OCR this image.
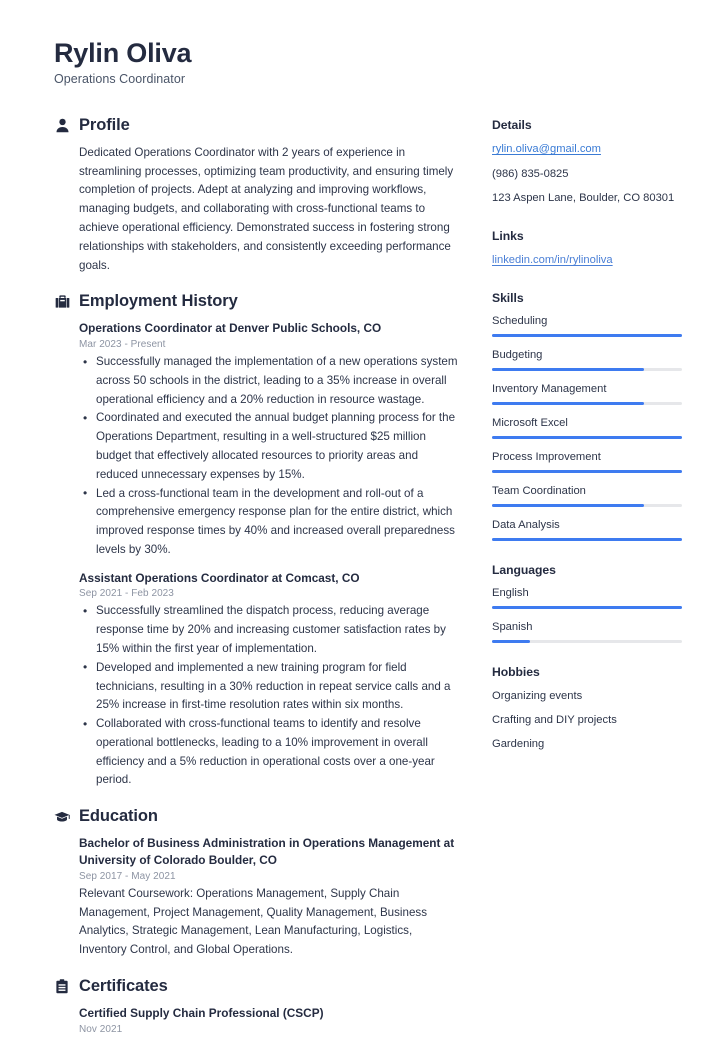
Rylin Oliva
Operations Coordinator
Profile
Dedicated Operations Coordinator with 2 years of experience in streamlining processes, optimizing team productivity, and ensuring timely completion of projects. Adept at analyzing and improving workflows, managing budgets, and collaborating with cross-functional teams to achieve operational efficiency. Demonstrated success in fostering strong relationships with stakeholders, and consistently exceeding performance goals.
Employment History
Operations Coordinator at Denver Public Schools, CO
Mar 2023 - Present
• Successfully managed the implementation of a new operations system across 50 schools in the district, leading to a 35% increase in overall operational efficiency and a 20% reduction in resource wastage.
• Coordinated and executed the annual budget planning process for the Operations Department, resulting in a well-structured $25 million budget that effectively allocated resources to priority areas and reduced unnecessary expenses by 15%.
• Led a cross-functional team in the development and roll-out of a comprehensive emergency response plan for the entire district, which improved response times by 40% and increased overall preparedness levels by 30%.
Assistant Operations Coordinator at Comcast, CO
Sep 2021 - Feb 2023
• Successfully streamlined the dispatch process, reducing average response time by 20% and increasing customer satisfaction rates by 15% within the first year of implementation.
• Developed and implemented a new training program for field technicians, resulting in a 30% reduction in repeat service calls and a 25% increase in first-time resolution rates within six months.
• Collaborated with cross-functional teams to identify and resolve operational bottlenecks, leading to a 10% improvement in overall efficiency and a 5% reduction in operational costs over a one-year period.
Education
Bachelor of Business Administration in Operations Management at University of Colorado Boulder, CO
Sep 2017 - May 2021
Relevant Coursework: Operations Management, Supply Chain Management, Project Management, Quality Management, Business Analytics, Strategic Management, Lean Manufacturing, Logistics, Inventory Control, and Global Operations.
Certificates
Certified Supply Chain Professional (CSCP)
Nov 2021
Details
rylin.oliva@gmail.com
(986) 835-0825
123 Aspen Lane, Boulder, CO 80301
Links
linkedin.com/in/rylinoliva
Skills
Scheduling
Budgeting
Inventory Management
Microsoft Excel
Process Improvement
Team Coordination
Data Analysis
Languages
English
Spanish
Hobbies
Organizing events
Crafting and DIY projects
Gardening
